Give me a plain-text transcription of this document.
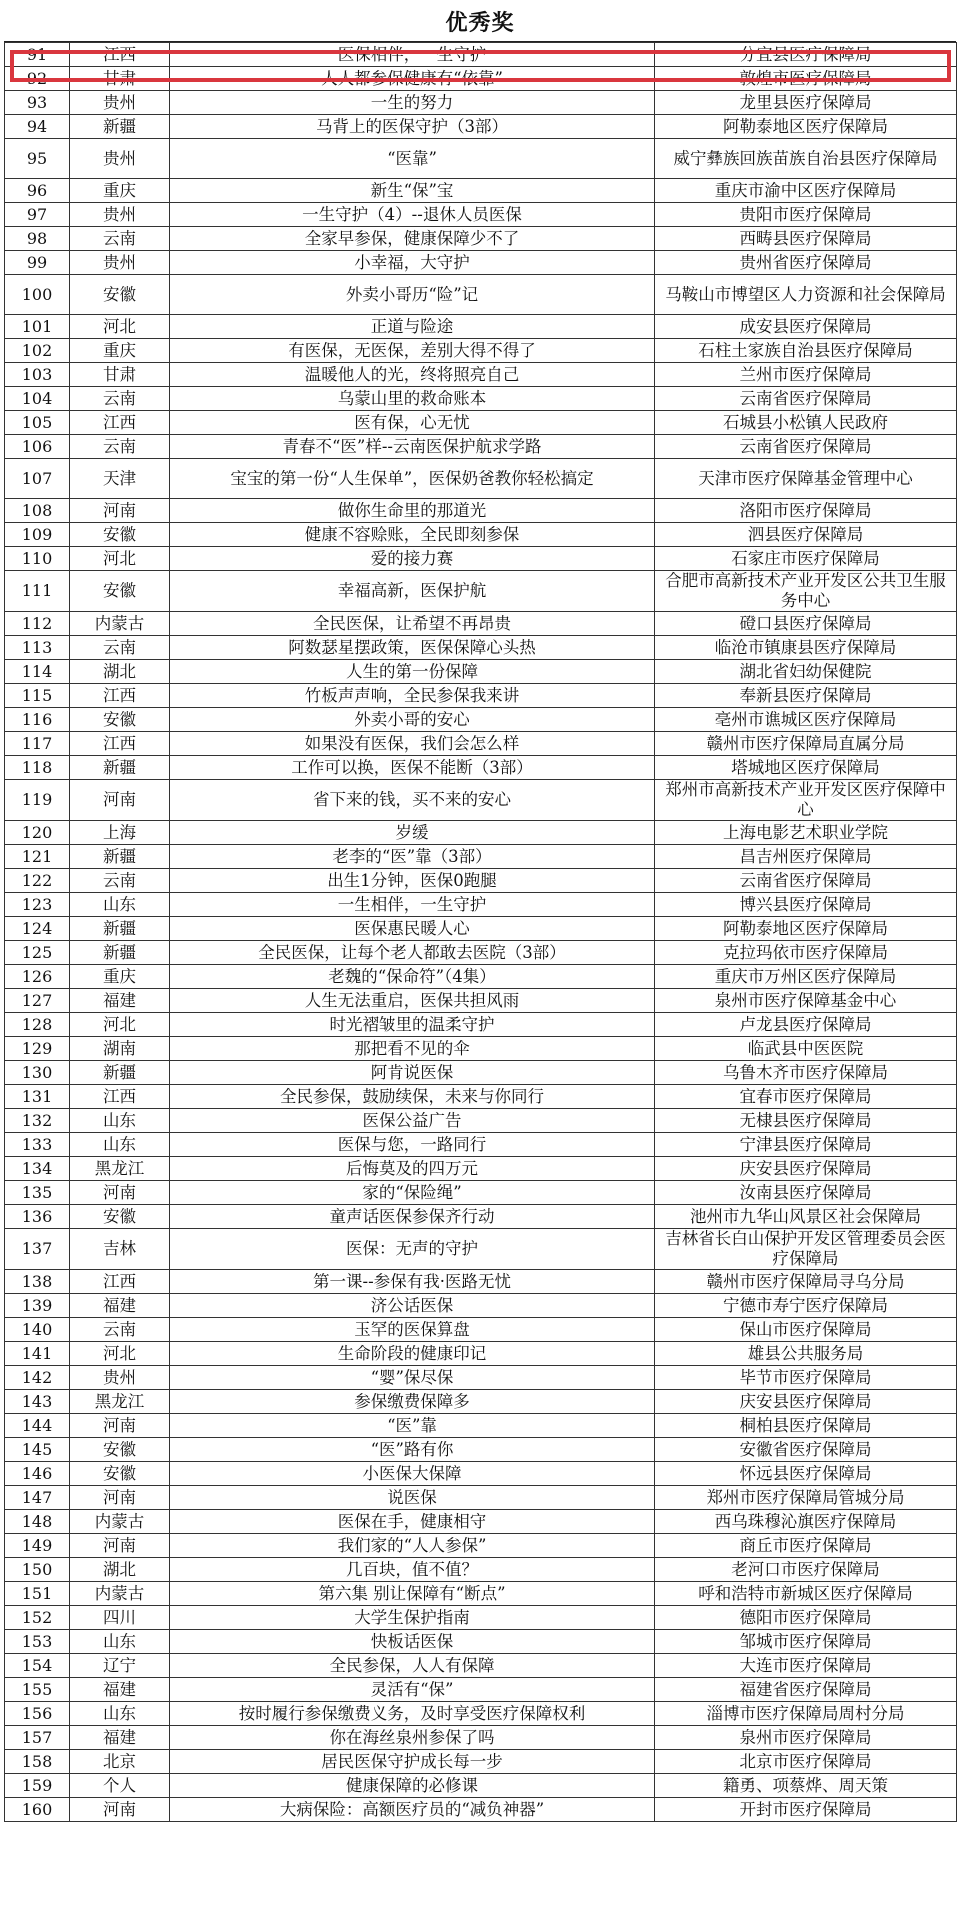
优秀奖
91	江西	医保相伴，一生守护	分宜县医疗保障局
92	甘肃	人人都参保健康有“依靠”	敦煌市医疗保障局
93	贵州	一生的努力	龙里县医疗保障局
94	新疆	马背上的医保守护（3部）	阿勒泰地区医疗保障局
95	贵州	“医靠”	威宁彝族回族苗族自治县医疗保障局
96	重庆	新生“保”宝	重庆市渝中区医疗保障局
97	贵州	一生守护（4）--退休人员医保	贵阳市医疗保障局
98	云南	全家早参保，健康保障少不了	西畴县医疗保障局
99	贵州	小幸福，大守护	贵州省医疗保障局
100	安徽	外卖小哥历“险”记	马鞍山市博望区人力资源和社会保障局
101	河北	正道与险途	成安县医疗保障局
102	重庆	有医保，无医保，差别大得不得了	石柱土家族自治县医疗保障局
103	甘肃	温暖他人的光，终将照亮自己	兰州市医疗保障局
104	云南	乌蒙山里的救命账本	云南省医疗保障局
105	江西	医有保，心无忧	石城县小松镇人民政府
106	云南	青春不“医”样--云南医保护航求学路	云南省医疗保障局
107	天津	宝宝的第一份“人生保单”，医保奶爸教你轻松搞定	天津市医疗保障基金管理中心
108	河南	做你生命里的那道光	洛阳市医疗保障局
109	安徽	健康不容赊账，全民即刻参保	泗县医疗保障局
110	河北	爱的接力赛	石家庄市医疗保障局
111	安徽	幸福高新，医保护航	合肥市高新技术产业开发区公共卫生服务中心
112	内蒙古	全民医保，让希望不再昂贵	磴口县医疗保障局
113	云南	阿数瑟星摆政策，医保保障心头热	临沧市镇康县医疗保障局
114	湖北	人生的第一份保障	湖北省妇幼保健院
115	江西	竹板声声响，全民参保我来讲	奉新县医疗保障局
116	安徽	外卖小哥的安心	亳州市谯城区医疗保障局
117	江西	如果没有医保，我们会怎么样	赣州市医疗保障局直属分局
118	新疆	工作可以换，医保不能断（3部）	塔城地区医疗保障局
119	河南	省下来的钱，买不来的安心	郑州市高新技术产业开发区医疗保障中心
120	上海	岁缓	上海电影艺术职业学院
121	新疆	老李的“医”靠（3部）	昌吉州医疗保障局
122	云南	出生1分钟，医保0跑腿	云南省医疗保障局
123	山东	一生相伴，一生守护	博兴县医疗保障局
124	新疆	医保惠民暖人心	阿勒泰地区医疗保障局
125	新疆	全民医保，让每个老人都敢去医院（3部）	克拉玛依市医疗保障局
126	重庆	老魏的“保命符”（4集）	重庆市万州区医疗保障局
127	福建	人生无法重启，医保共担风雨	泉州市医疗保障基金中心
128	河北	时光褶皱里的温柔守护	卢龙县医疗保障局
129	湖南	那把看不见的伞	临武县中医医院
130	新疆	阿肯说医保	乌鲁木齐市医疗保障局
131	江西	全民参保，鼓励续保，未来与你同行	宜春市医疗保障局
132	山东	医保公益广告	无棣县医疗保障局
133	山东	医保与您，一路同行	宁津县医疗保障局
134	黑龙江	后悔莫及的四万元	庆安县医疗保障局
135	河南	家的“保险绳”	汝南县医疗保障局
136	安徽	童声话医保参保齐行动	池州市九华山风景区社会保障局
137	吉林	医保：无声的守护	吉林省长白山保护开发区管理委员会医疗保障局
138	江西	第一课--参保有我·医路无忧	赣州市医疗保障局寻乌分局
139	福建	济公话医保	宁德市寿宁医疗保障局
140	云南	玉罕的医保算盘	保山市医疗保障局
141	河北	生命阶段的健康印记	雄县公共服务局
142	贵州	“婴”保尽保	毕节市医疗保障局
143	黑龙江	参保缴费保障多	庆安县医疗保障局
144	河南	“医”靠	桐柏县医疗保障局
145	安徽	“医”路有你	安徽省医疗保障局
146	安徽	小医保大保障	怀远县医疗保障局
147	河南	说医保	郑州市医疗保障局管城分局
148	内蒙古	医保在手，健康相守	西乌珠穆沁旗医疗保障局
149	河南	我们家的“人人参保”	商丘市医疗保障局
150	湖北	几百块，值不值？	老河口市医疗保障局
151	内蒙古	第六集 别让保障有“断点”	呼和浩特市新城区医疗保障局
152	四川	大学生保护指南	德阳市医疗保障局
153	山东	快板话医保	邹城市医疗保障局
154	辽宁	全民参保，人人有保障	大连市医疗保障局
155	福建	灵活有“保”	福建省医疗保障局
156	山东	按时履行参保缴费义务，及时享受医疗保障权利	淄博市医疗保障局周村分局
157	福建	你在海丝泉州参保了吗	泉州市医疗保障局
158	北京	居民医保守护成长每一步	北京市医疗保障局
159	个人	健康保障的必修课	籍勇、项蔡烨、周天策
160	河南	大病保险：高额医疗员的“减负神器”	开封市医疗保障局
